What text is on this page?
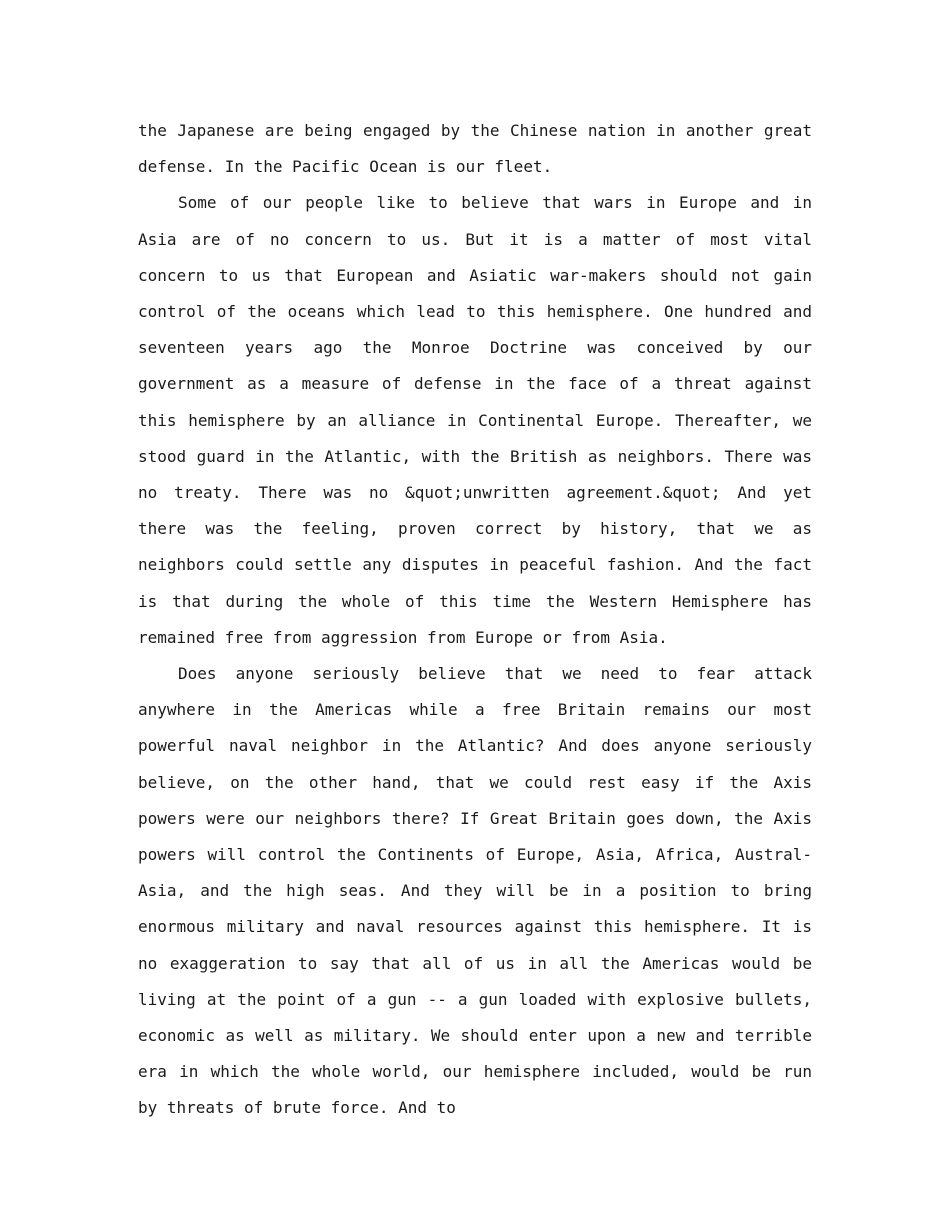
the Japanese are being engaged by the Chinese nation in another great defense. In the Pacific Ocean is our fleet.

Some of our people like to believe that wars in Europe and in Asia are of no concern to us. But it is a matter of most vital concern to us that European and Asiatic war-makers should not gain control of the oceans which lead to this hemisphere. One hundred and seventeen years ago the Monroe Doctrine was conceived by our government as a measure of defense in the face of a threat against this hemisphere by an alliance in Continental Europe. Thereafter, we stood guard in the Atlantic, with the British as neighbors. There was no treaty. There was no &quot;unwritten agreement.&quot; And yet there was the feeling, proven correct by history, that we as neighbors could settle any disputes in peaceful fashion. And the fact is that during the whole of this time the Western Hemisphere has remained free from aggression from Europe or from Asia.

Does anyone seriously believe that we need to fear attack anywhere in the Americas while a free Britain remains our most powerful naval neighbor in the Atlantic? And does anyone seriously believe, on the other hand, that we could rest easy if the Axis powers were our neighbors there? If Great Britain goes down, the Axis powers will control the Continents of Europe, Asia, Africa, Austral-Asia, and the high seas. And they will be in a position to bring enormous military and naval resources against this hemisphere. It is no exaggeration to say that all of us in all the Americas would be living at the point of a gun -- a gun loaded with explosive bullets, economic as well as military. We should enter upon a new and terrible era in which the whole world, our hemisphere included, would be run by threats of brute force. And to
